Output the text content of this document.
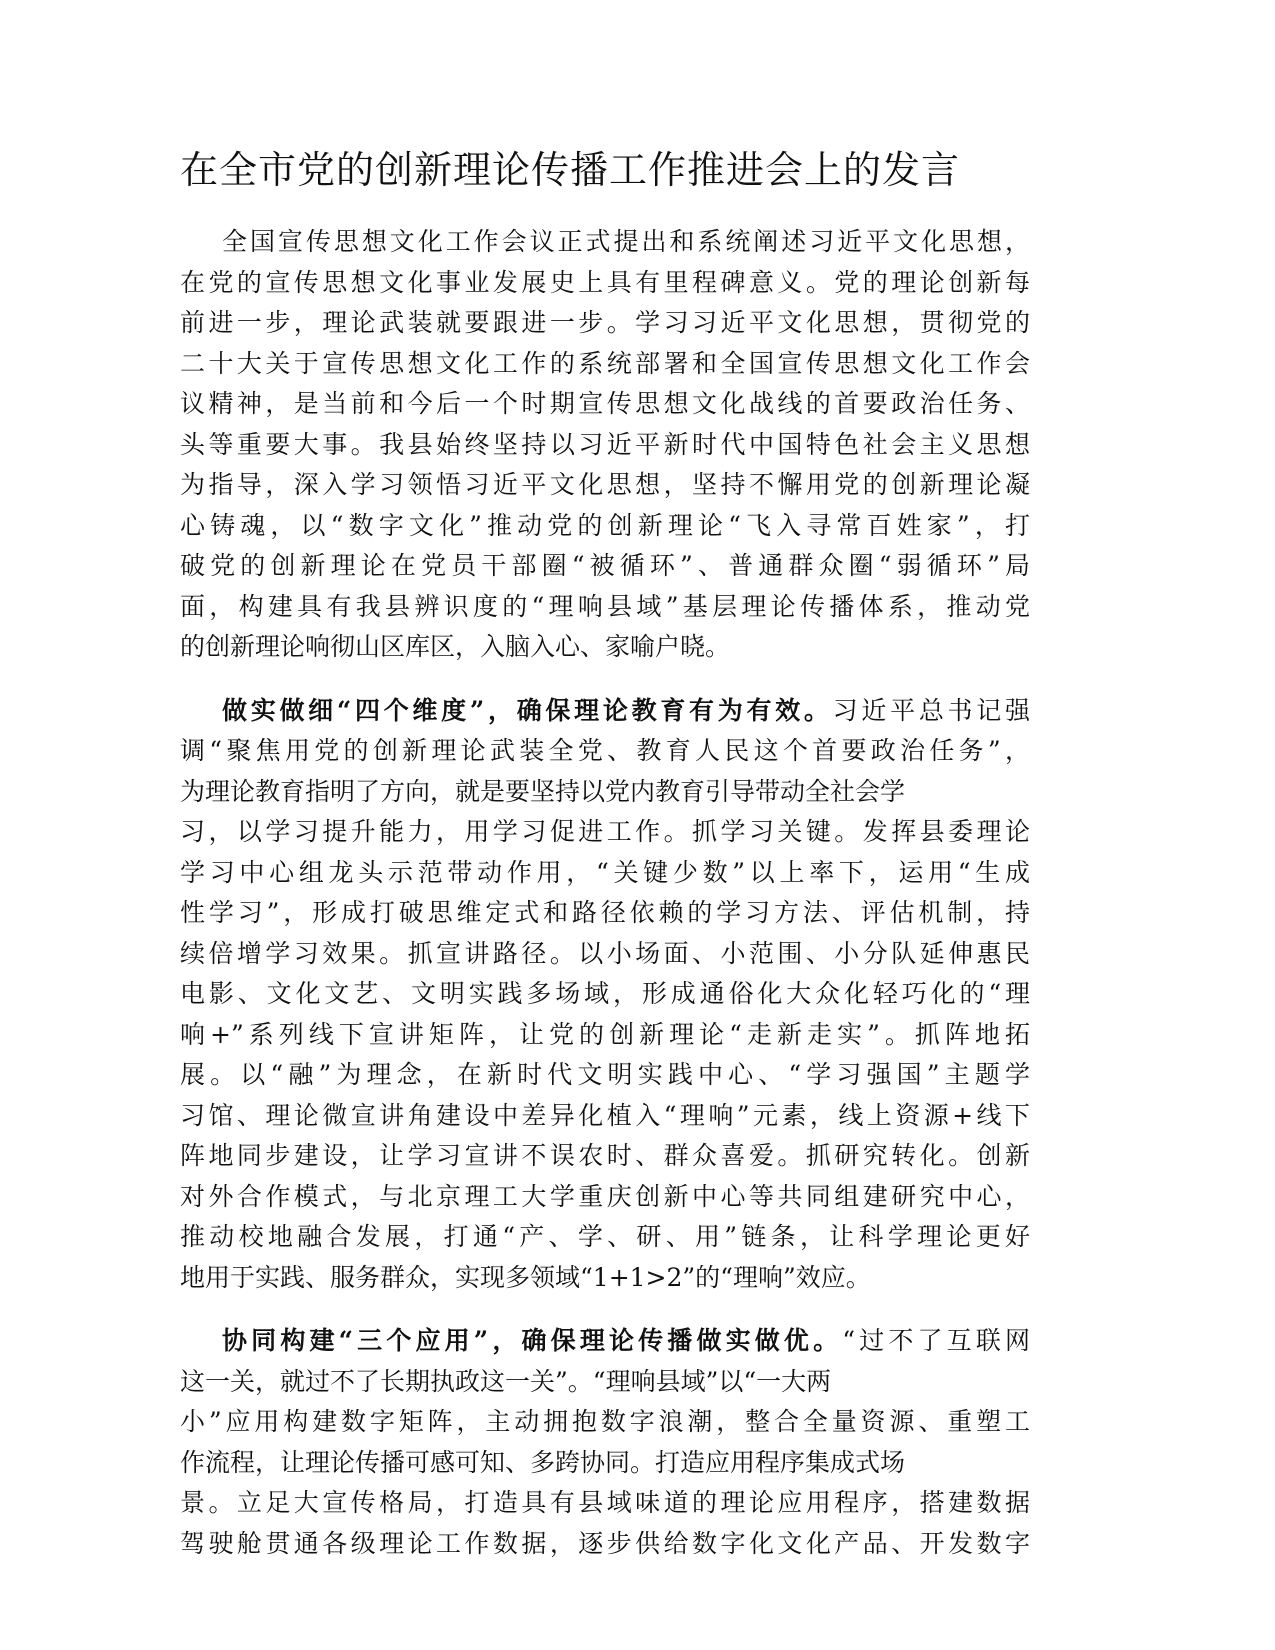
在全市党的创新理论传播工作推进会上的发言
全国宣传思想文化工作会议正式提出和系统阐述习近平文化思想，
在党的宣传思想文化事业发展史上具有里程碑意义。党的理论创新每
前进一步，理论武装就要跟进一步。学习习近平文化思想，贯彻党的
二十大关于宣传思想文化工作的系统部署和全国宣传思想文化工作会
议精神，是当前和今后一个时期宣传思想文化战线的首要政治任务、
头等重要大事。我县始终坚持以习近平新时代中国特色社会主义思想
为指导，深入学习领悟习近平文化思想，坚持不懈用党的创新理论凝
心铸魂，以“数字文化”推动党的创新理论“飞入寻常百姓家”，打
破党的创新理论在党员干部圈“被循环”、普通群众圈“弱循环”局
面，构建具有我县辨识度的“理响县域”基层理论传播体系，推动党
的创新理论响彻山区库区，入脑入心、家喻户晓。
做实做细“四个维度”，确保理论教育有为有效。习近平总书记强
调“聚焦用党的创新理论武装全党、教育人民这个首要政治任务”，
为理论教育指明了方向，就是要坚持以党内教育引导带动全社会学
习，以学习提升能力，用学习促进工作。抓学习关键。发挥县委理论
学习中心组龙头示范带动作用，“关键少数”以上率下，运用“生成
性学习”，形成打破思维定式和路径依赖的学习方法、评估机制，持
续倍增学习效果。抓宣讲路径。以小场面、小范围、小分队延伸惠民
电影、文化文艺、文明实践多场域，形成通俗化大众化轻巧化的“理
响+”系列线下宣讲矩阵，让党的创新理论“走新走实”。抓阵地拓
展。以“融”为理念，在新时代文明实践中心、“学习强国”主题学
习馆、理论微宣讲角建设中差异化植入“理响”元素，线上资源+线下
阵地同步建设，让学习宣讲不误农时、群众喜爱。抓研究转化。创新
对外合作模式，与北京理工大学重庆创新中心等共同组建研究中心，
推动校地融合发展，打通“产、学、研、用”链条，让科学理论更好
地用于实践、服务群众，实现多领域“1+1>2”的“理响”效应。
协同构建“三个应用”，确保理论传播做实做优。“过不了互联网
这一关，就过不了长期执政这一关”。“理响县域”以“一大两
小”应用构建数字矩阵，主动拥抱数字浪潮，整合全量资源、重塑工
作流程，让理论传播可感可知、多跨协同。打造应用程序集成式场
景。立足大宣传格局，打造具有县域味道的理论应用程序，搭建数据
驾驶舱贯通各级理论工作数据，逐步供给数字化文化产品、开发数字
